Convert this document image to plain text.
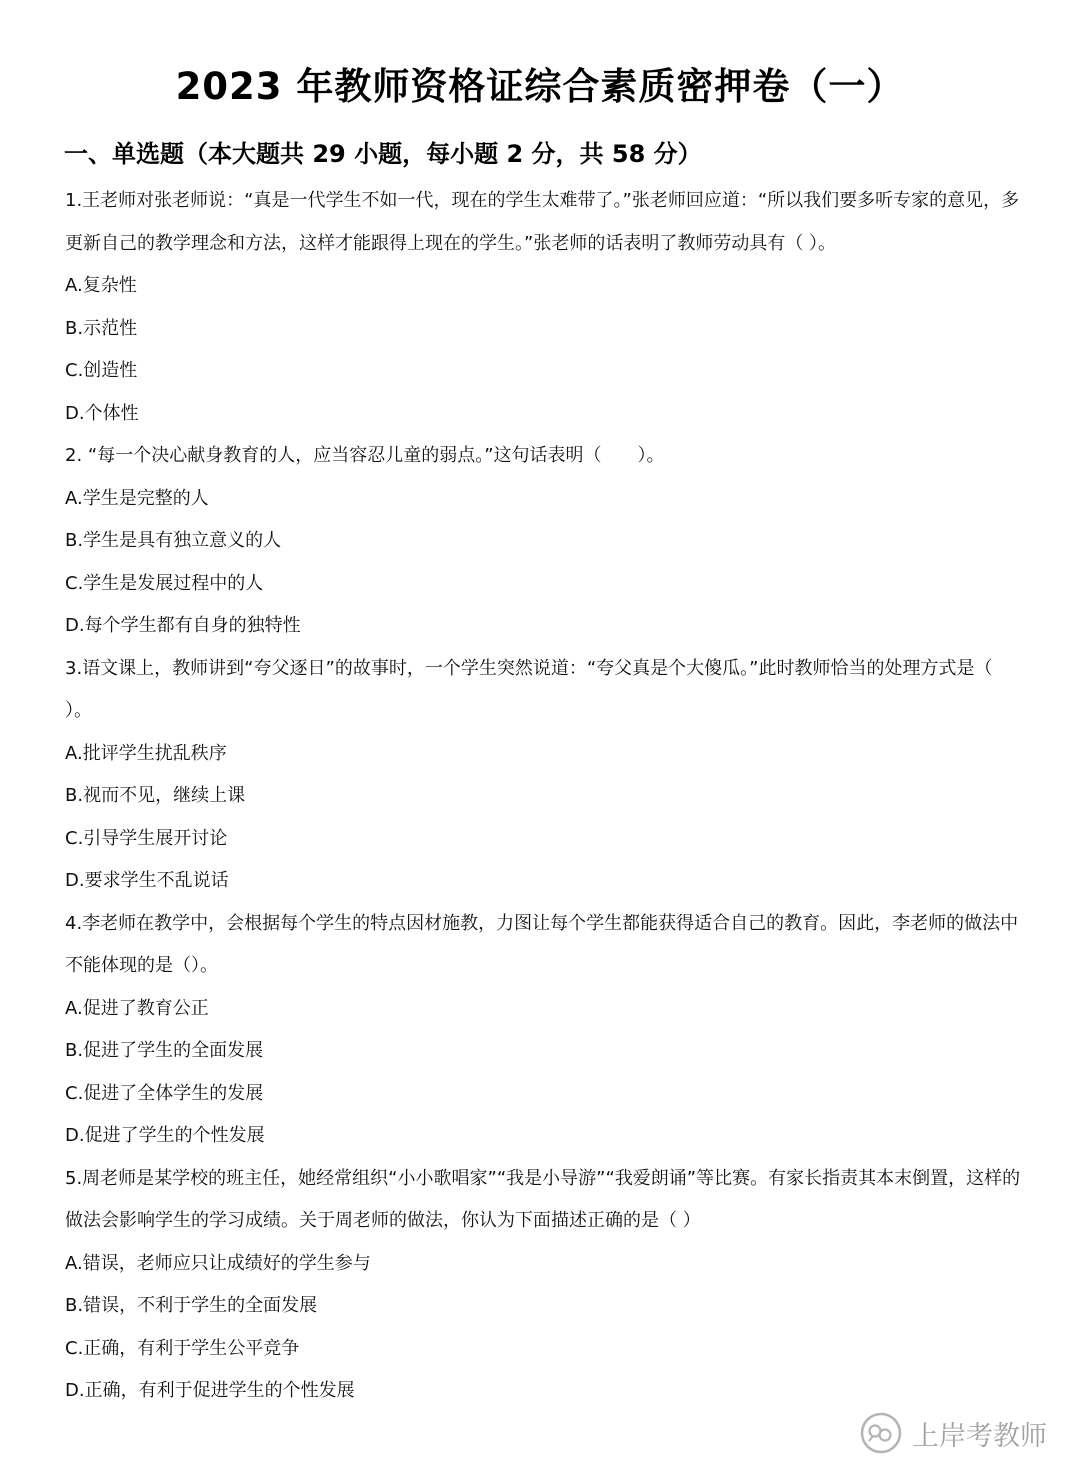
2023 年教师资格证综合素质密押卷（一）
一、单选题（本大题共 29 小题，每小题 2 分，共 58 分）

1.王老师对张老师说：“真是一代学生不如一代，现在的学生太难带了。”张老师回应道：“所以我们要多听专家的意见，多更新自己的教学理念和方法，这样才能跟得上现在的学生。”张老师的话表明了教师劳动具有（ ）。

A.复杂性

B.示范性

C.创造性

D.个体性

2. “每一个决心献身教育的人，应当容忍儿童的弱点。”这句话表明（　　）。

A.学生是完整的人

B.学生是具有独立意义的人

C.学生是发展过程中的人

D.每个学生都有自身的独特性

3.语文课上，教师讲到“夸父逐日”的故事时，一个学生突然说道：“夸父真是个大傻瓜。”此时教师恰当的处理方式是（ ）。

A.批评学生扰乱秩序

B.视而不见，继续上课

C.引导学生展开讨论

D.要求学生不乱说话

4.李老师在教学中，会根据每个学生的特点因材施教，力图让每个学生都能获得适合自己的教育。因此，李老师的做法中不能体现的是（）。

A.促进了教育公正

B.促进了学生的全面发展

C.促进了全体学生的发展

D.促进了学生的个性发展

5.周老师是某学校的班主任，她经常组织“小小歌唱家”“我是小导游”“我爱朗诵”等比赛。有家长指责其本末倒置，这样的做法会影响学生的学习成绩。关于周老师的做法，你认为下面描述正确的是（ ）

A.错误，老师应只让成绩好的学生参与

B.错误，不利于学生的全面发展

C.正确，有利于学生公平竞争

D.正确，有利于促进学生的个性发展

上岸考教师
